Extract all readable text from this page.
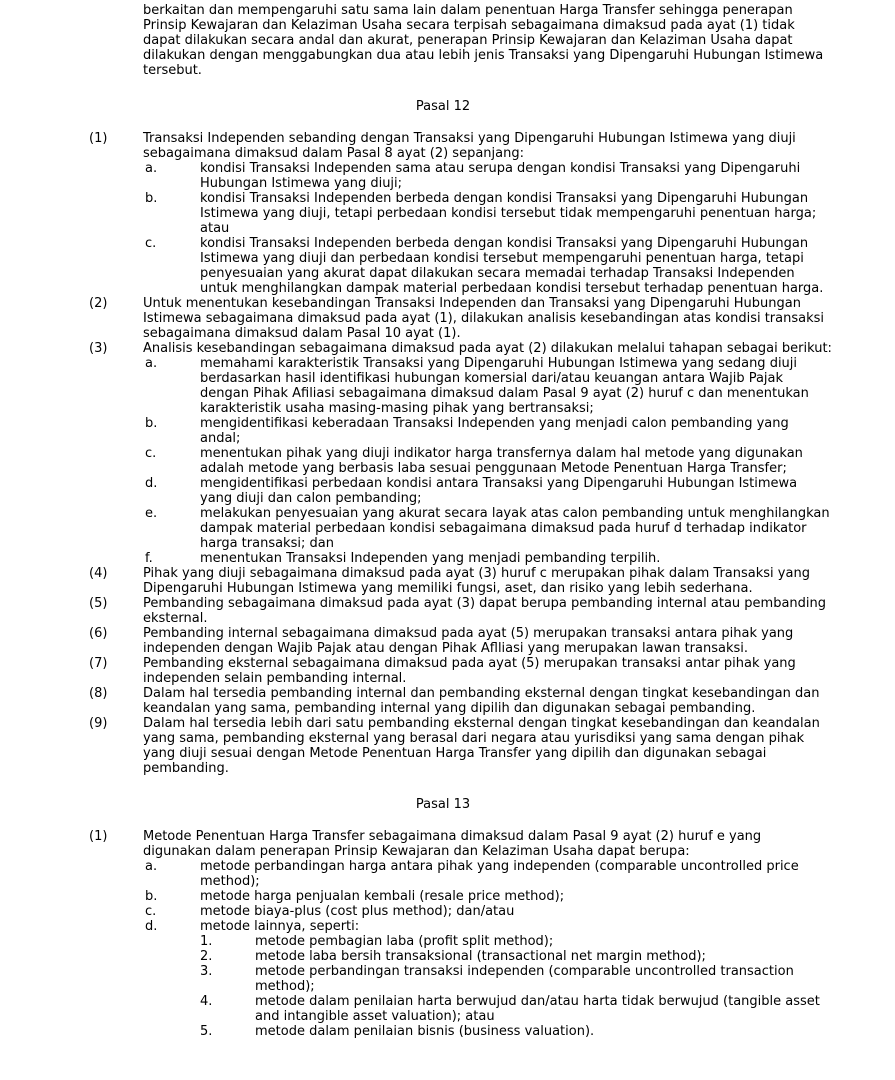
berkaitan dan mempengaruhi satu sama lain dalam penentuan Harga Transfer sehingga penerapan Prinsip Kewajaran dan Kelaziman Usaha secara terpisah sebagaimana dimaksud pada ayat (1) tidak dapat dilakukan secara andal dan akurat, penerapan Prinsip Kewajaran dan Kelaziman Usaha dapat dilakukan dengan menggabungkan dua atau lebih jenis Transaksi yang Dipengaruhi Hubungan Istimewa tersebut.

Pasal 12
(1)	Transaksi Independen sebanding dengan Transaksi yang Dipengaruhi Hubungan Istimewa yang diuji sebagaimana dimaksud dalam Pasal 8 ayat (2) sepanjang:
a.	kondisi Transaksi Independen sama atau serupa dengan kondisi Transaksi yang Dipengaruhi Hubungan Istimewa yang diuji;
b.	kondisi Transaksi Independen berbeda dengan kondisi Transaksi yang Dipengaruhi Hubungan Istimewa yang diuji, tetapi perbedaan kondisi tersebut tidak mempengaruhi penentuan harga; atau
c.	kondisi Transaksi Independen berbeda dengan kondisi Transaksi yang Dipengaruhi Hubungan Istimewa yang diuji dan perbedaan kondisi tersebut mempengaruhi penentuan harga, tetapi penyesuaian yang akurat dapat dilakukan secara memadai terhadap Transaksi Independen untuk menghilangkan dampak material perbedaan kondisi tersebut terhadap penentuan harga.
(2)	Untuk menentukan kesebandingan Transaksi Independen dan Transaksi yang Dipengaruhi Hubungan Istimewa sebagaimana dimaksud pada ayat (1), dilakukan analisis kesebandingan atas kondisi transaksi sebagaimana dimaksud dalam Pasal 10 ayat (1).
(3)	Analisis kesebandingan sebagaimana dimaksud pada ayat (2) dilakukan melalui tahapan sebagai berikut:
a.	memahami karakteristik Transaksi yang Dipengaruhi Hubungan Istimewa yang sedang diuji berdasarkan hasil identifikasi hubungan komersial dari/atau keuangan antara Wajib Pajak dengan Pihak Afiliasi sebagaimana dimaksud dalam Pasal 9 ayat (2) huruf c dan menentukan karakteristik usaha masing-masing pihak yang bertransaksi;
b.	mengidentifikasi keberadaan Transaksi Independen yang menjadi calon pembanding yang andal;
c.	menentukan pihak yang diuji indikator harga transfernya dalam hal metode yang digunakan adalah metode yang berbasis laba sesuai penggunaan Metode Penentuan Harga Transfer;
d.	mengidentifikasi perbedaan kondisi antara Transaksi yang Dipengaruhi Hubungan Istimewa yang diuji dan calon pembanding;
e.	melakukan penyesuaian yang akurat secara layak atas calon pembanding untuk menghilangkan dampak material perbedaan kondisi sebagaimana dimaksud pada huruf d terhadap indikator harga transaksi; dan
f.	menentukan Transaksi Independen yang menjadi pembanding terpilih.
(4)	Pihak yang diuji sebagaimana dimaksud pada ayat (3) huruf c merupakan pihak dalam Transaksi yang Dipengaruhi Hubungan Istimewa yang memiliki fungsi, aset, dan risiko yang lebih sederhana.
(5)	Pembanding sebagaimana dimaksud pada ayat (3) dapat berupa pembanding internal atau pembanding eksternal.
(6)	Pembanding internal sebagaimana dimaksud pada ayat (5) merupakan transaksi antara pihak yang independen dengan Wajib Pajak atau dengan Pihak Aflliasi yang merupakan lawan transaksi.
(7)	Pembanding eksternal sebagaimana dimaksud pada ayat (5) merupakan transaksi antar pihak yang independen selain pembanding internal.
(8)	Dalam hal tersedia pembanding internal dan pembanding eksternal dengan tingkat kesebandingan dan keandalan yang sama, pembanding internal yang dipilih dan digunakan sebagai pembanding.
(9)	Dalam hal tersedia lebih dari satu pembanding eksternal dengan tingkat kesebandingan dan keandalan yang sama, pembanding eksternal yang berasal dari negara atau yurisdiksi yang sama dengan pihak yang diuji sesuai dengan Metode Penentuan Harga Transfer yang dipilih dan digunakan sebagai pembanding.
Pasal 13
(1)	Metode Penentuan Harga Transfer sebagaimana dimaksud dalam Pasal 9 ayat (2) huruf e yang digunakan dalam penerapan Prinsip Kewajaran dan Kelaziman Usaha dapat berupa:
a.	metode perbandingan harga antara pihak yang independen (comparable uncontrolled price method);
b.	metode harga penjualan kembali (resale price method);
c.	metode biaya-plus (cost plus method); dan/atau
d.	metode lainnya, seperti:
1.	metode pembagian laba (profit split method);
2.	metode laba bersih transaksional (transactional net margin method);
3.	metode perbandingan transaksi independen (comparable uncontrolled transaction method);
4.	metode dalam penilaian harta berwujud dan/atau harta tidak berwujud (tangible asset and intangible asset valuation); atau
5.	metode dalam penilaian bisnis (business valuation).
